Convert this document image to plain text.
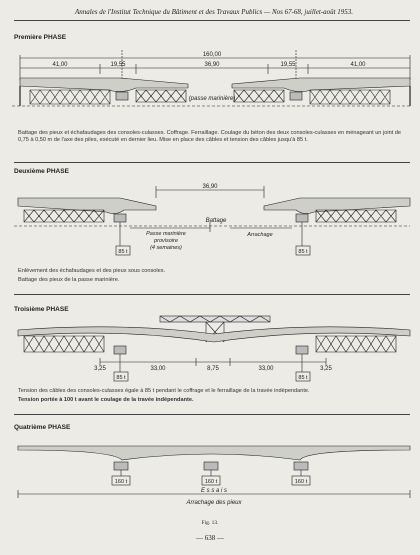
Annales de l'Institut Technique du Bâtiment et des Travaux Publics — Nos 67-68, juillet-août 1953.
Première PHASE
160,00
41,00	19,55	36,90	19,55	41,00
(passe marinière)
Battage des pieux et échafaudages des consoles-culasses. Coffrage. Ferraillage. Coulage du béton des deux consoles-culasses en ménageant un joint de 0,75 à 0,50 m de l'axe des piles, exécuté en dernier lieu. Mise en place des câbles et tension des câbles jusqu'à 85 t.
Deuxième PHASE
36,90
Battage
Passe marinière
provisoire
(4 semaines)
Arrachage
85 t	85 t
Enlèvement des échafaudages et des pieux sous consoles.
Battage des pieux de la passe marinière.
Troisième PHASE
3,25	33,00	8,75	33,00	3,25
85 t	85 t
Tension des câbles des consoles-culasses égale à 85 t pendant le coffrage et le ferraillage de la travée indépendante.
Tension portée à 100 t avant le coulage de la travée indépendante.
Quatrième PHASE
160 t	160 t	160 t
E s s a i s
Arrachage des pieux
Fig. 13.
— 638 —
